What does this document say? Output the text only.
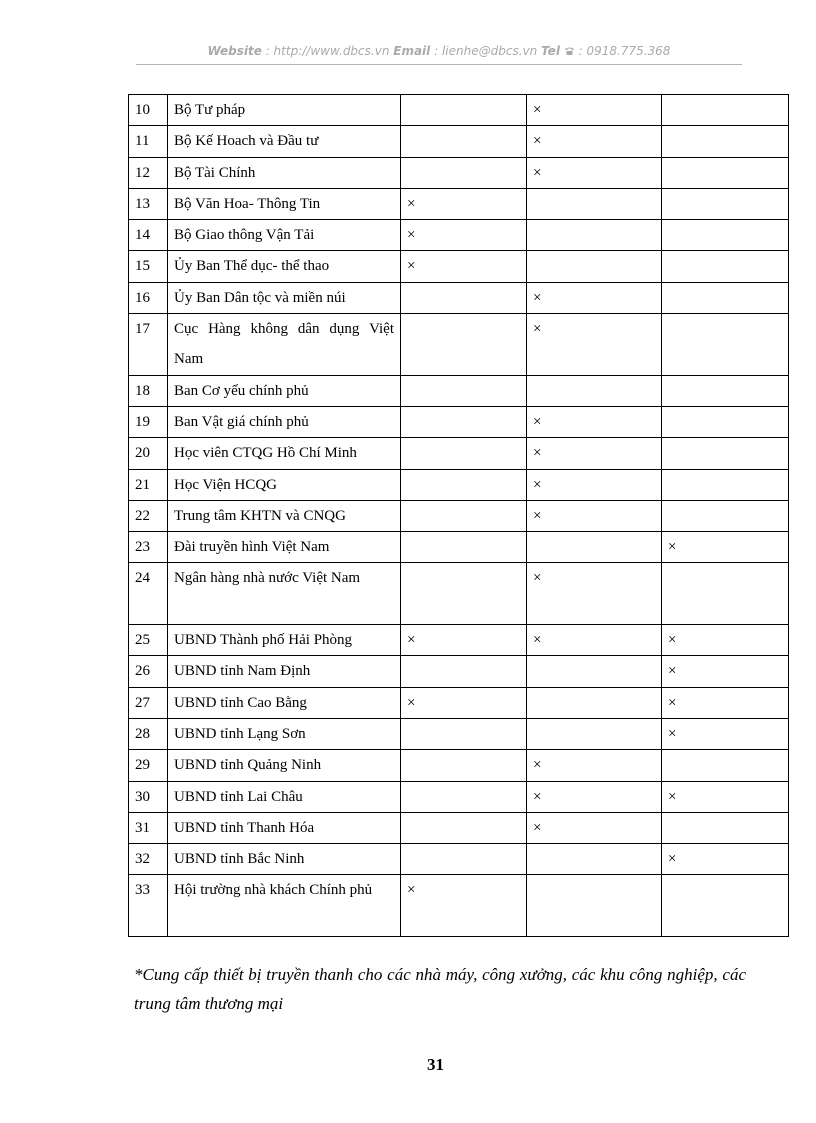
Website : http://www.dbcs.vn Email : lienhe@dbcs.vn Tel : 0918.775.368
10	Bộ Tư pháp		×	
11	Bộ Kế Hoach và Đầu tư		×	
12	Bộ Tài Chính		×	
13	Bộ Văn Hoa- Thông Tin	×		
14	Bộ Giao thông Vận Tải	×		
15	Ủy Ban Thể dục- thể thao	×		
16	Ủy Ban Dân tộc và miền núi		×	
17	Cục Hàng không dân dụng Việt Nam		×	
18	Ban Cơ yếu chính phủ			
19	Ban Vật giá chính phủ		×	
20	Học viên CTQG Hồ Chí Minh		×	
21	Học Viện HCQG		×	
22	Trung tâm KHTN và CNQG		×	
23	Đài truyền hình Việt Nam			×
24	Ngân hàng nhà nước Việt Nam		×	
25	UBND Thành phố Hải Phòng	×	×	×
26	UBND tỉnh Nam Định			×
27	UBND tỉnh Cao Bằng	×		×
28	UBND tỉnh Lạng Sơn			×
29	UBND tỉnh Quảng Ninh		×	
30	UBND tỉnh Lai Châu		×	×
31	UBND tỉnh Thanh Hóa		×	
32	UBND tỉnh Bắc Ninh			×
33	Hội trường nhà khách Chính phủ	×		
*Cung cấp thiết bị truyền thanh cho các nhà máy, công xưởng, các khu công nghiệp, các trung tâm thương mại
31
